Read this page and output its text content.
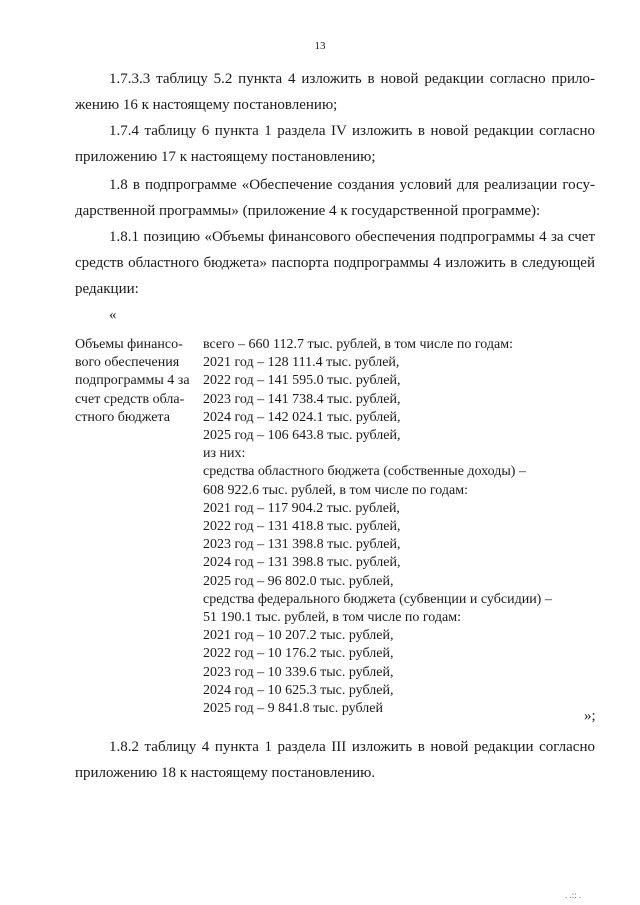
13
1.7.3.3 таблицу 5.2 пункта 4 изложить в новой редакции согласно прило-
жению 16 к настоящему постановлению;
1.7.4 таблицу 6 пункта 1 раздела IV изложить в новой редакции согласно
приложению 17 к настоящему постановлению;
1.8 в подпрограмме «Обеспечение создания условий для реализации госу-
дарственной программы» (приложение 4 к государственной программе):
1.8.1 позицию «Объемы финансового обеспечения подпрограммы 4 за счет
средств областного бюджета» паспорта подпрограммы 4 изложить в следующей
редакции:
«
Объемы финансо-
вого обеспечения
подпрограммы 4 за
счет средств обла-
стного бюджета
всего – 660 112.7 тыс. рублей, в том числе по годам:
2021 год – 128 111.4 тыс. рублей,
2022 год – 141 595.0 тыс. рублей,
2023 год – 141 738.4 тыс. рублей,
2024 год – 142 024.1 тыс. рублей,
2025 год – 106 643.8 тыс. рублей,
из них:
средства областного бюджета (собственные доходы) –
608 922.6 тыс. рублей, в том числе по годам:
2021 год – 117 904.2 тыс. рублей,
2022 год – 131 418.8 тыс. рублей,
2023 год – 131 398.8 тыс. рублей,
2024 год – 131 398.8 тыс. рублей,
2025 год – 96 802.0 тыс. рублей,
средства федерального бюджета (субвенции и субсидии) –
51 190.1 тыс. рублей, в том числе по годам:
2021 год – 10 207.2 тыс. рублей,
2022 год – 10 176.2 тыс. рублей,
2023 год – 10 339.6 тыс. рублей,
2024 год – 10 625.3 тыс. рублей,
2025 год – 9 841.8 тыс. рублей	»;
1.8.2 таблицу 4 пункта 1 раздела III изложить в новой редакции согласно
приложению 18 к настоящему постановлению.
. .:: .
